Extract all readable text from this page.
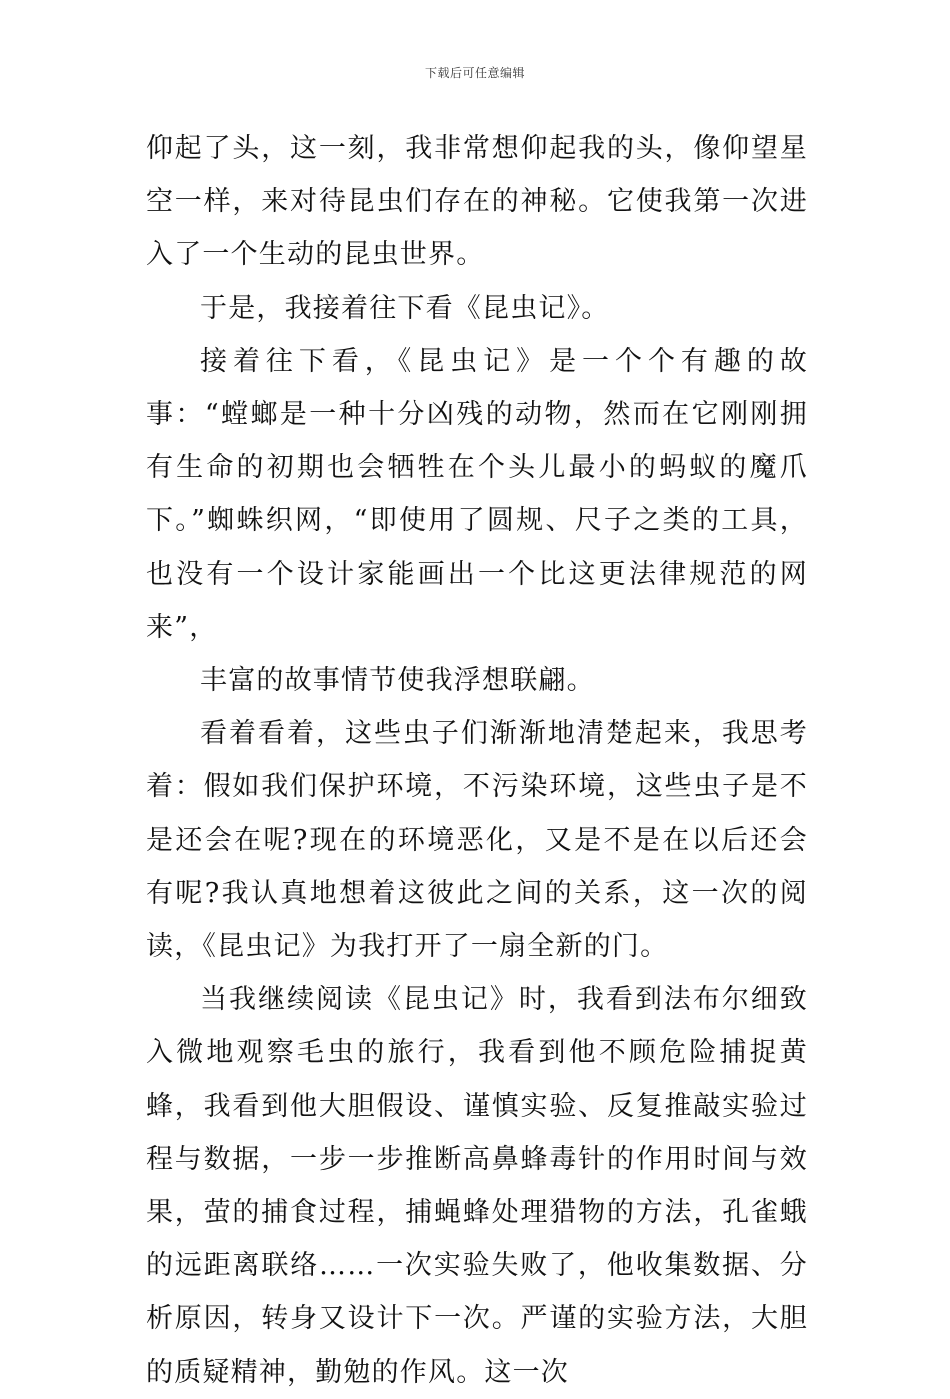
下载后可任意编辑

仰起了头，这一刻，我非常想仰起我的头，像仰望星空一样，来对待昆虫们存在的神秘。它使我第一次进入了一个生动的昆虫世界。

于是，我接着往下看《昆虫记》。

接着往下看，《昆虫记》是一个个有趣的故事：“螳螂是一种十分凶残的动物，然而在它刚刚拥有生命的初期也会牺牲在个头儿最小的蚂蚁的魔爪下。”蜘蛛织网，“即使用了圆规、尺子之类的工具，也没有一个设计家能画出一个比这更法律规范的网来”，

丰富的故事情节使我浮想联翩。

看着看着，这些虫子们渐渐地清楚起来，我思考着：假如我们保护环境，不污染环境，这些虫子是不是还会在呢?现在的环境恶化，又是不是在以后还会有呢?我认真地想着这彼此之间的关系，这一次的阅读，《昆虫记》为我打开了一扇全新的门。

当我继续阅读《昆虫记》时，我看到法布尔细致入微地观察毛虫的旅行，我看到他不顾危险捕捉黄蜂，我看到他大胆假设、谨慎实验、反复推敲实验过程与数据，一步一步推断高鼻蜂毒针的作用时间与效果，萤的捕食过程，捕蝇蜂处理猎物的方法，孔雀蛾的远距离联络……一次实验失败了，他收集数据、分析原因，转身又设计下一次。严谨的实验方法，大胆的质疑精神，勤勉的作风。这一次
